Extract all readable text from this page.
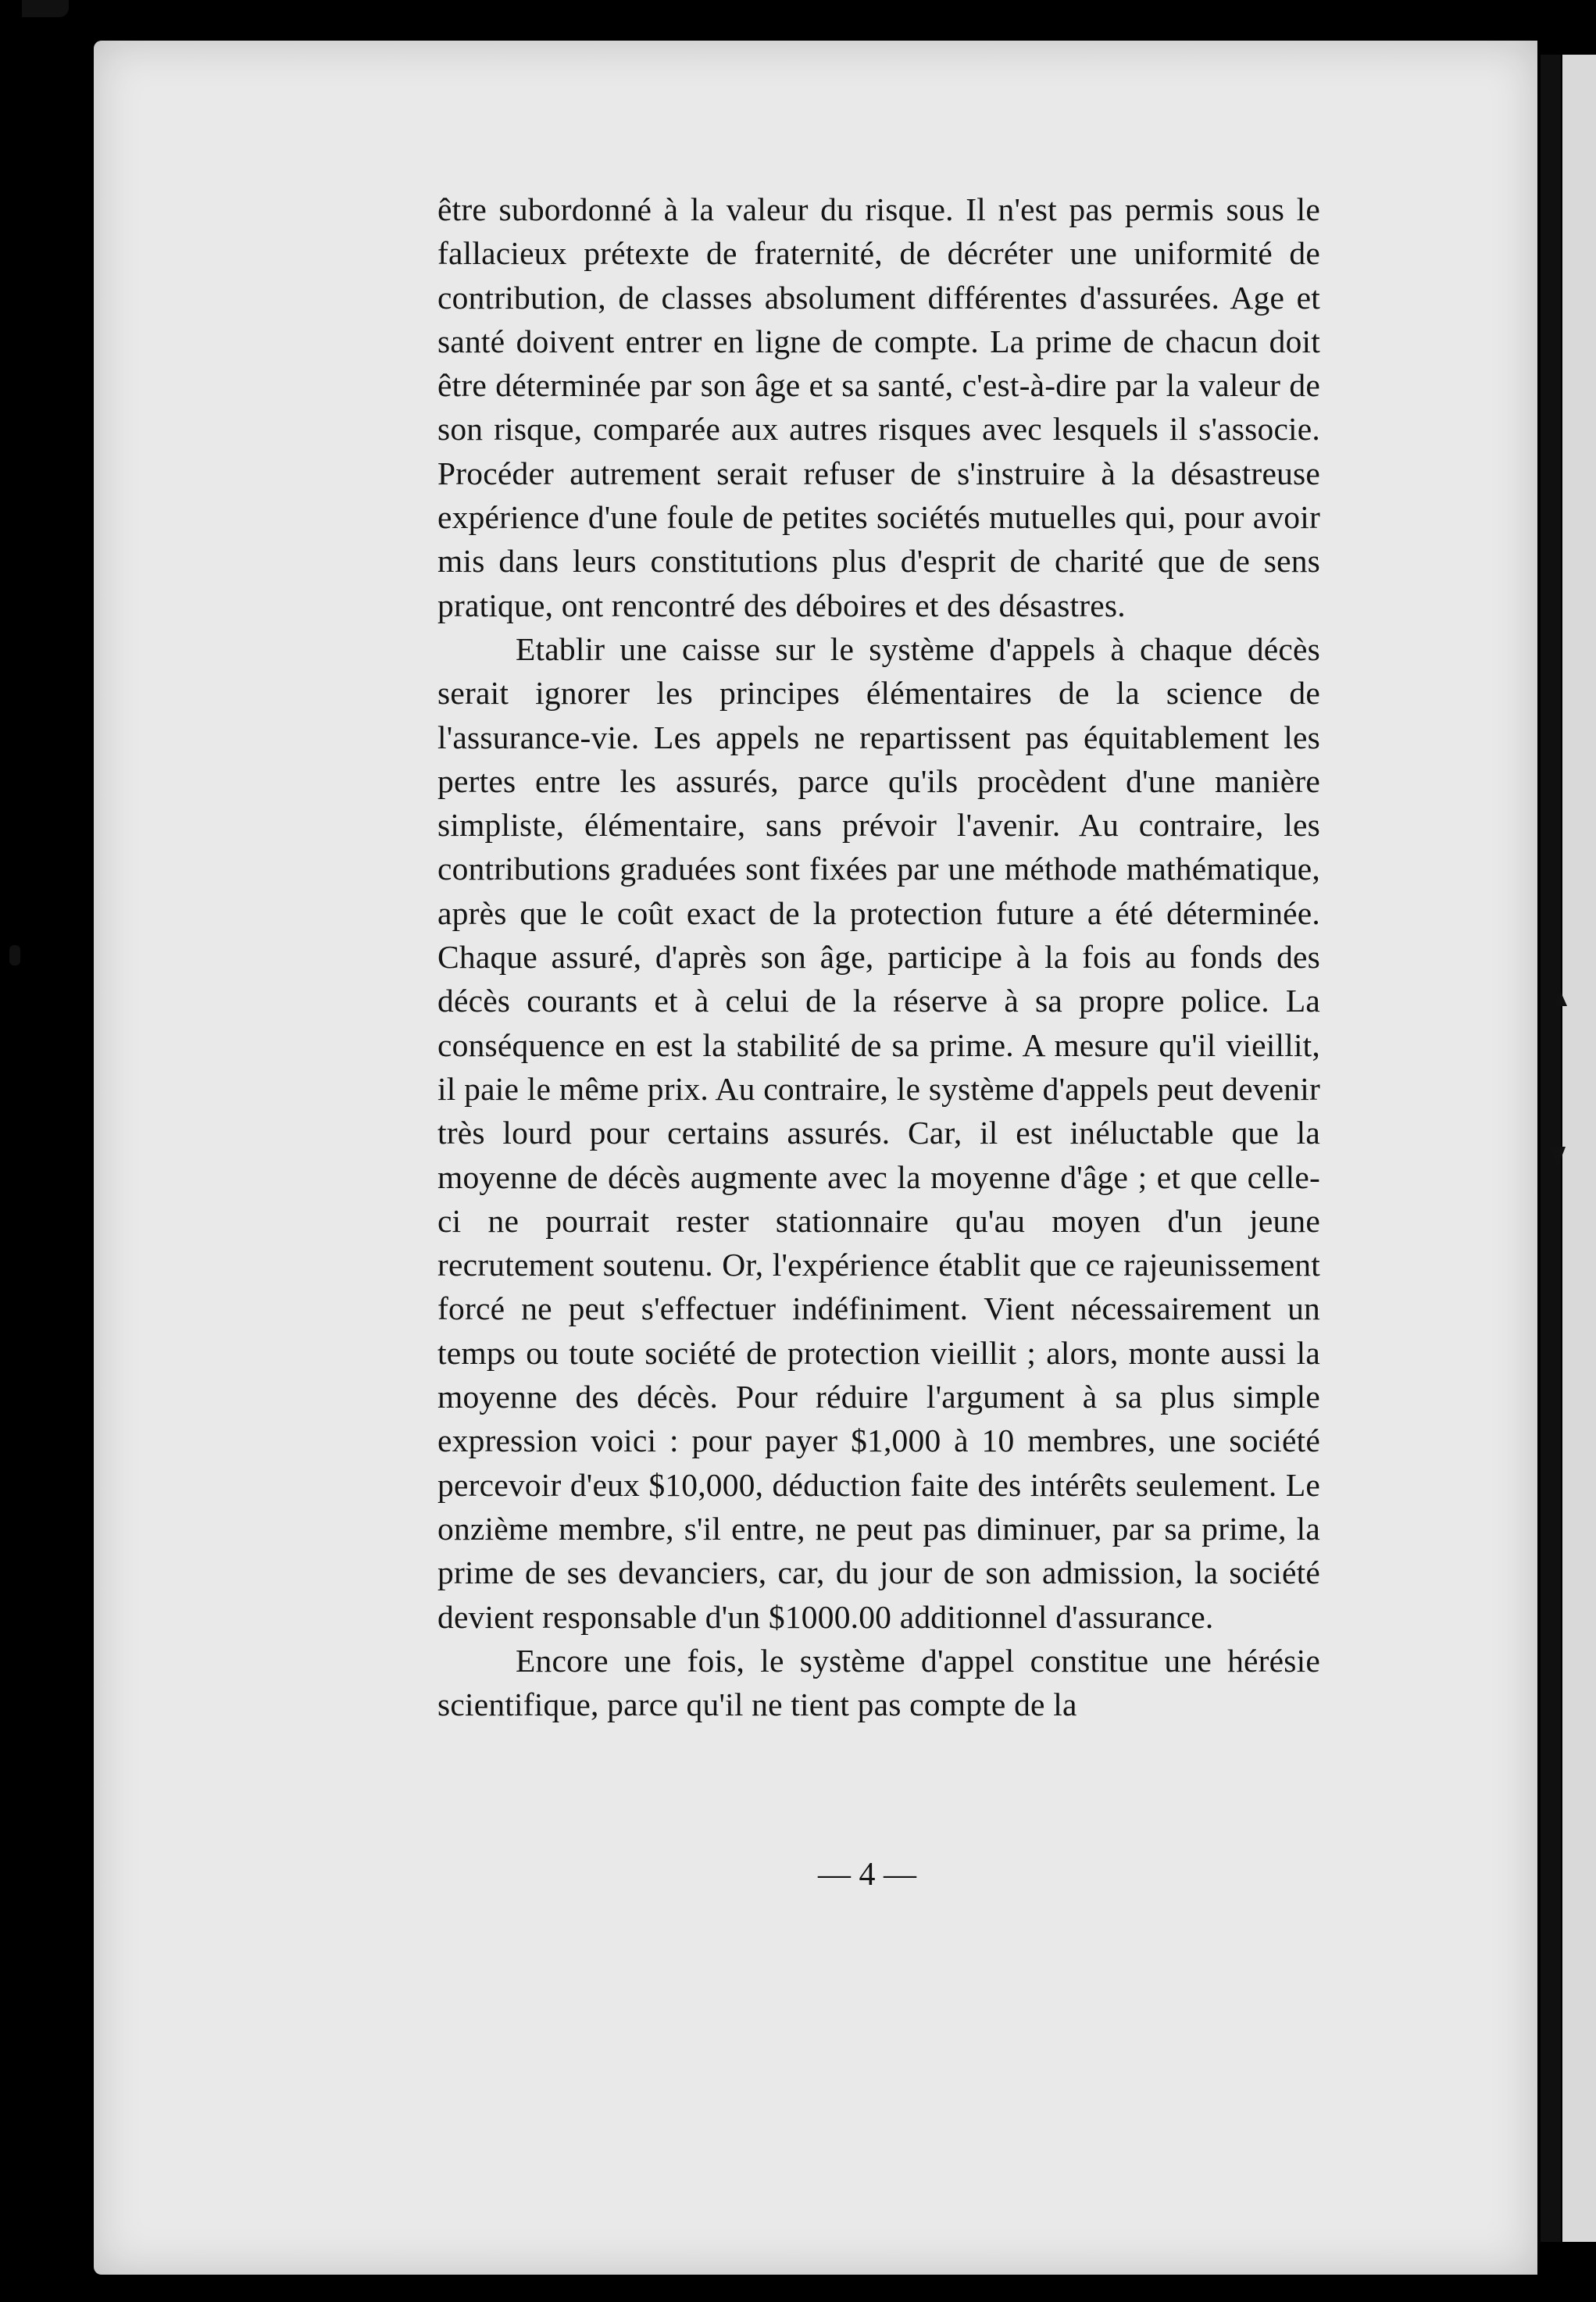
être subordonné à la valeur du risque. Il n'est pas permis sous le fallacieux prétexte de fraternité, de décréter une uniformité de contribution, de classes absolument différentes d'assurées. Age et santé doivent entrer en ligne de compte. La prime de chacun doit être déterminée par son âge et sa santé, c'est-à-dire par la valeur de son risque, comparée aux autres risques avec lesquels il s'associe. Procéder autrement serait refuser de s'instruire à la désastreuse expérience d'une foule de petites sociétés mutuelles qui, pour avoir mis dans leurs constitutions plus d'esprit de charité que de sens pratique, ont rencontré des déboires et des désastres.

Etablir une caisse sur le système d'appels à chaque décès serait ignorer les principes élémentaires de la science de l'assurance-vie. Les appels ne repartissent pas équitablement les pertes entre les assurés, parce qu'ils procèdent d'une manière simpliste, élémentaire, sans prévoir l'avenir. Au contraire, les contributions graduées sont fixées par une méthode mathématique, après que le coût exact de la protection future a été déterminée. Chaque assuré, d'après son âge, participe à la fois au fonds des décès courants et à celui de la réserve à sa propre police. La conséquence en est la stabilité de sa prime. A mesure qu'il vieillit, il paie le même prix. Au contraire, le système d'appels peut devenir très lourd pour certains assurés. Car, il est inéluctable que la moyenne de décès augmente avec la moyenne d'âge ; et que celle-ci ne pourrait rester stationnaire qu'au moyen d'un jeune recrutement soutenu. Or, l'expérience établit que ce rajeunissement forcé ne peut s'effectuer indéfiniment. Vient nécessairement un temps ou toute société de protection vieillit ; alors, monte aussi la moyenne des décès. Pour réduire l'argument à sa plus simple expression voici : pour payer $1,000 à 10 membres, une société percevoir d'eux $10,000, déduction faite des intérêts seulement. Le onzième membre, s'il entre, ne peut pas diminuer, par sa prime, la prime de ses devanciers, car, du jour de son admission, la société devient responsable d'un $1000.00 additionnel d'assurance.

Encore une fois, le système d'appel constitue une hérésie scientifique, parce qu'il ne tient pas compte de la

— 4 —
